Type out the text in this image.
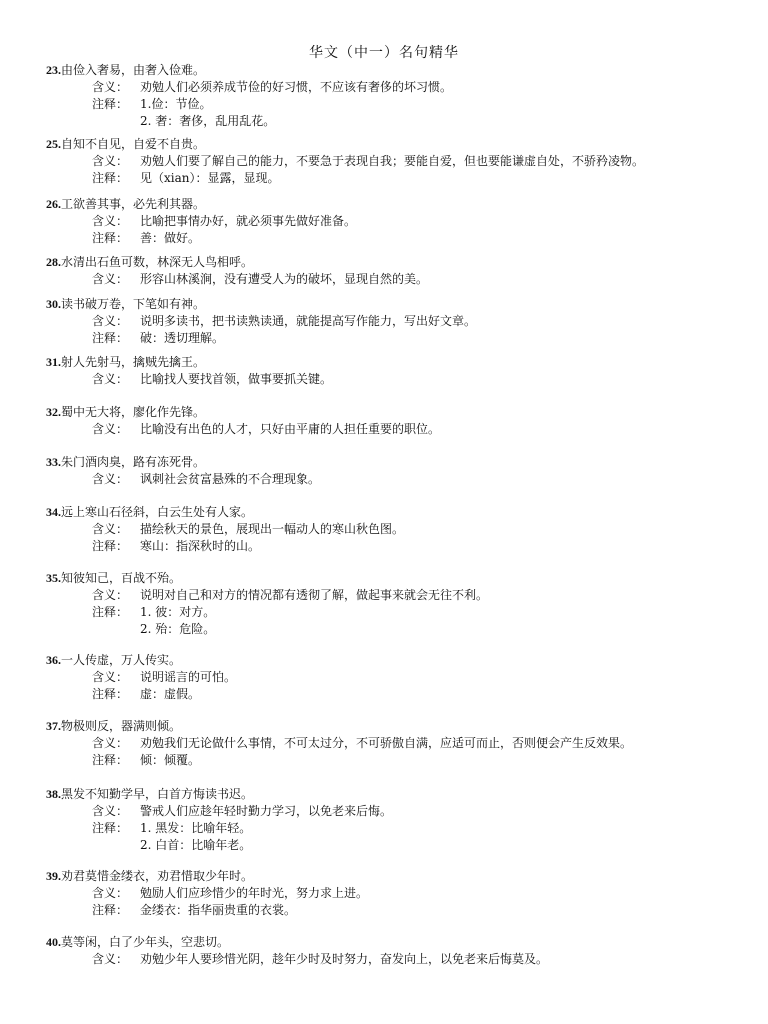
华文（中一）名句精华
23.由俭入奢易，由奢入俭难。
含义： 劝勉人们必须养成节俭的好习惯，不应该有奢侈的坏习惯。
注释： 1.俭：节俭。
2. 奢：奢侈，乱用乱花。
25.自知不自见，自爱不自贵。
含义： 劝勉人们要了解自己的能力，不要急于表现自我；要能自爱，但也要能谦虚自处，不骄矜凌物。
注释： 见（xian）：显露，显现。
26.工欲善其事，必先利其器。
含义： 比喻把事情办好，就必须事先做好准备。
注释： 善：做好。
28.水清出石鱼可数，林深无人鸟相呼。
含义： 形容山林溪涧，没有遭受人为的破坏，显现自然的美。
30.读书破万卷，下笔如有神。
含义： 说明多读书，把书读熟读通，就能提高写作能力，写出好文章。
注释： 破：透切理解。
31.射人先射马，擒贼先擒王。
含义： 比喻找人要找首领，做事要抓关键。
32.蜀中无大将，廖化作先锋。
含义： 比喻没有出色的人才，只好由平庸的人担任重要的职位。
33.朱门酒肉臭，路有冻死骨。
含义： 讽刺社会贫富悬殊的不合理现象。
34.远上寒山石径斜，白云生处有人家。
含义： 描绘秋天的景色，展现出一幅动人的寒山秋色图。
注释： 寒山：指深秋时的山。
35.知彼知己，百战不殆。
含义： 说明对自己和对方的情况都有透彻了解，做起事来就会无往不利。
注释： 1. 彼：对方。
2. 殆：危险。
36.一人传虚，万人传实。
含义： 说明谣言的可怕。
注释： 虚：虚假。
37.物极则反，器满则倾。
含义： 劝勉我们无论做什么事情，不可太过分，不可骄傲自满，应适可而止，否则便会产生反效果。
注释： 倾：倾覆。
38.黑发不知勤学早，白首方悔读书迟。
含义： 警戒人们应趁年轻时勤力学习，以免老来后悔。
注释： 1. 黑发：比喻年轻。
2. 白首：比喻年老。
39.劝君莫惜金缕衣，劝君惜取少年时。
含义： 勉励人们应珍惜少的年时光，努力求上进。
注释： 金缕衣：指华丽贵重的衣裳。
40.莫等闲，白了少年头，空悲切。
含义： 劝勉少年人要珍惜光阴，趁年少时及时努力，奋发向上，以免老来后悔莫及。
